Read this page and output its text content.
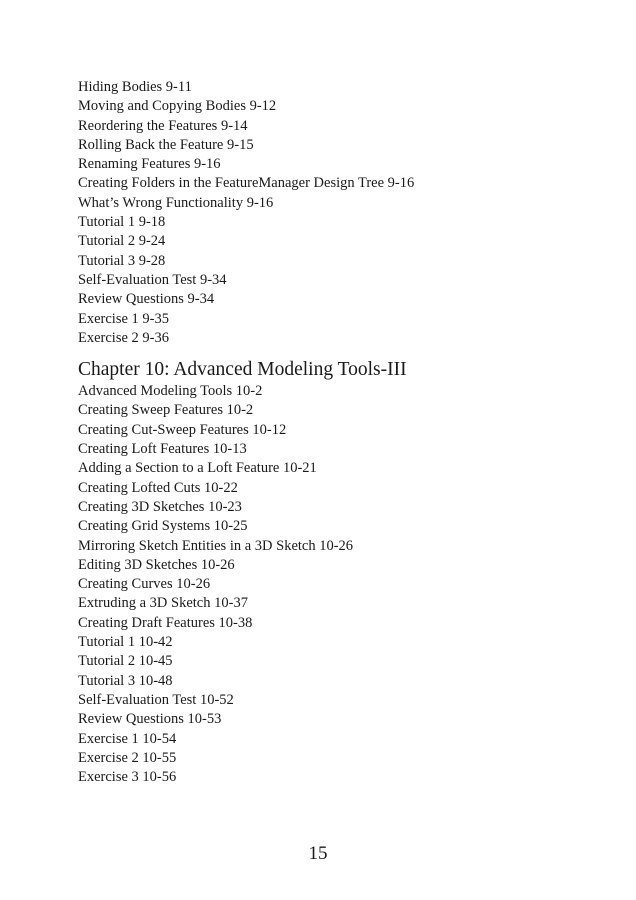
Hiding Bodies 9-11
Moving and Copying Bodies 9-12
Reordering the Features 9-14
Rolling Back the Feature 9-15
Renaming Features 9-16
Creating Folders in the FeatureManager Design Tree 9-16
What’s Wrong Functionality 9-16
Tutorial 1 9-18
Tutorial 2 9-24
Tutorial 3 9-28
Self-Evaluation Test 9-34
Review Questions 9-34
Exercise 1 9-35
Exercise 2 9-36
Chapter 10: Advanced Modeling Tools-III
Advanced Modeling Tools 10-2
Creating Sweep Features 10-2
Creating Cut-Sweep Features 10-12
Creating Loft Features 10-13
Adding a Section to a Loft Feature 10-21
Creating Lofted Cuts 10-22
Creating 3D Sketches 10-23
Creating Grid Systems 10-25
Mirroring Sketch Entities in a 3D Sketch 10-26
Editing 3D Sketches 10-26
Creating Curves 10-26
Extruding a 3D Sketch 10-37
Creating Draft Features 10-38
Tutorial 1 10-42
Tutorial 2 10-45
Tutorial 3 10-48
Self-Evaluation Test 10-52
Review Questions 10-53
Exercise 1 10-54
Exercise 2 10-55
Exercise 3 10-56
15
